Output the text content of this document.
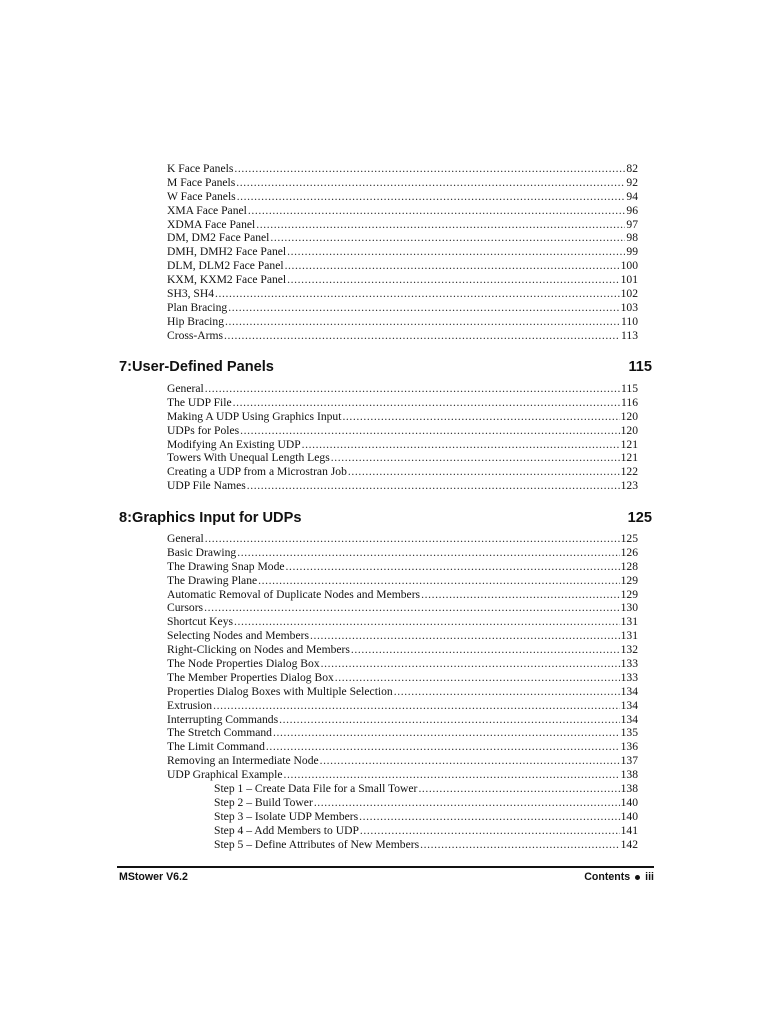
K Face Panels .....	82
M Face Panels .....	92
W Face Panels .....	94
XMA Face Panel .....	96
XDMA Face Panel .....	97
DM, DM2 Face Panel .....	98
DMH, DMH2 Face Panel .....	99
DLM, DLM2 Face Panel .....	100
KXM, KXM2 Face Panel .....	101
SH3, SH4 .....	102
Plan Bracing .....	103
Hip Bracing .....	110
Cross-Arms .....	113
7:User-Defined Panels	115
General .....	115
The UDP File .....	116
Making A UDP Using Graphics Input .....	120
UDPs for Poles .....	120
Modifying An Existing UDP .....	121
Towers With Unequal Length Legs .....	121
Creating a UDP from a Microstran Job .....	122
UDP File Names .....	123
8:Graphics Input for UDPs	125
General .....	125
Basic Drawing .....	126
The Drawing Snap Mode .....	128
The Drawing Plane .....	129
Automatic Removal of Duplicate Nodes and Members .....	129
Cursors .....	130
Shortcut Keys .....	131
Selecting Nodes and Members .....	131
Right-Clicking on Nodes and Members .....	132
The Node Properties Dialog Box .....	133
The Member Properties Dialog Box .....	133
Properties Dialog Boxes with Multiple Selection .....	134
Extrusion .....	134
Interrupting Commands .....	134
The Stretch Command .....	135
The Limit Command .....	136
Removing an Intermediate Node .....	137
UDP Graphical Example .....	138
Step 1 – Create Data File for a Small Tower .....	138
Step 2 – Build Tower .....	140
Step 3 – Isolate UDP Members .....	140
Step 4 – Add Members to UDP .....	141
Step 5 – Define Attributes of New Members .....	142
MStower V6.2	Contents iii
